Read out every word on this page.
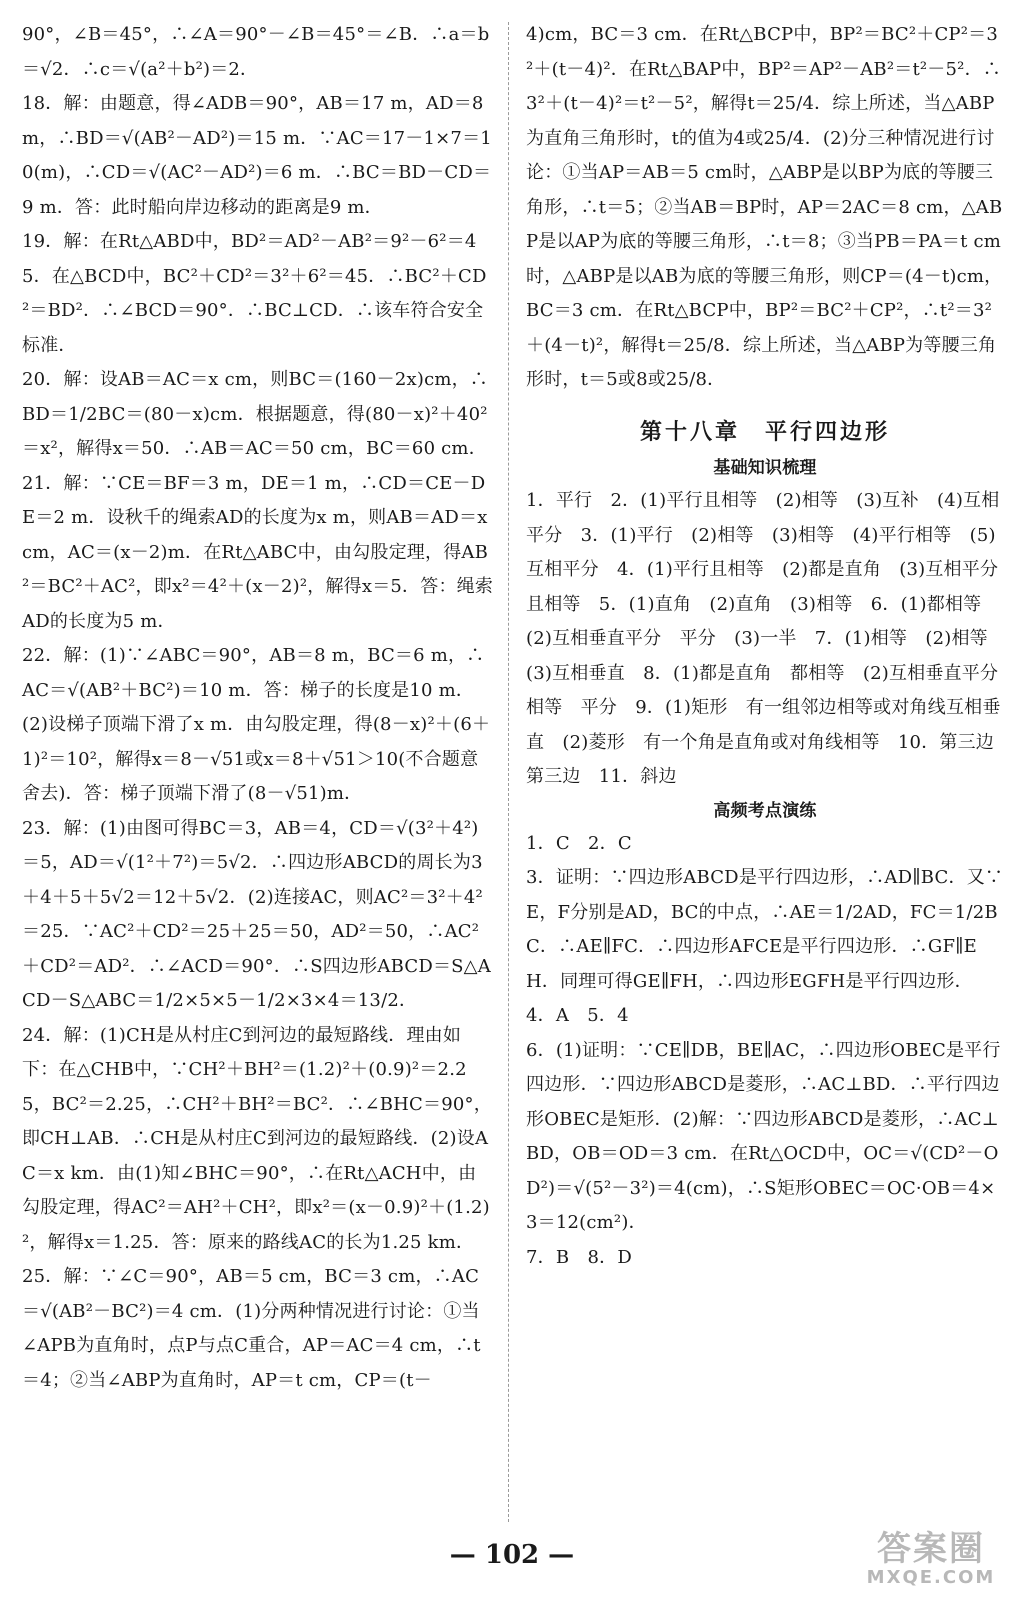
90°，∠B＝45°，∴∠A＝90°－∠B＝45°＝∠B．∴a＝b＝√2．∴c＝√(a²＋b²)＝2．

18．解：由题意，得∠ADB＝90°，AB＝17 m，AD＝8 m，∴BD＝√(AB²－AD²)＝15 m．∵AC＝17－1×7＝10(m)，∴CD＝√(AC²－AD²)＝6 m．∴BC＝BD－CD＝9 m．答：此时船向岸边移动的距离是9 m．

19．解：在Rt△ABD中，BD²＝AD²－AB²＝9²－6²＝45．在△BCD中，BC²＋CD²＝3²＋6²＝45．∴BC²＋CD²＝BD²．∴∠BCD＝90°．∴BC⊥CD．∴该车符合安全标准．

20．解：设AB＝AC＝x cm，则BC＝(160－2x)cm，∴BD＝1/2BC＝(80－x)cm．根据题意，得(80－x)²＋40²＝x²，解得x＝50．∴AB＝AC＝50 cm，BC＝60 cm．

21．解：∵CE＝BF＝3 m，DE＝1 m，∴CD＝CE－DE＝2 m．设秋千的绳索AD的长度为x m，则AB＝AD＝x cm，AC＝(x－2)m．在Rt△ABC中，由勾股定理，得AB²＝BC²＋AC²，即x²＝4²＋(x－2)²，解得x＝5．答：绳索AD的长度为5 m．

22．解：(1)∵∠ABC＝90°，AB＝8 m，BC＝6 m，∴AC＝√(AB²＋BC²)＝10 m．答：梯子的长度是10 m．(2)设梯子顶端下滑了x m．由勾股定理，得(8－x)²＋(6＋1)²＝10²，解得x＝8－√51或x＝8＋√51＞10(不合题意舍去)．答：梯子顶端下滑了(8－√51)m．

23．解：(1)由图可得BC＝3，AB＝4，CD＝√(3²＋4²)＝5，AD＝√(1²＋7²)＝5√2．∴四边形ABCD的周长为3＋4＋5＋5√2＝12＋5√2．(2)连接AC，则AC²＝3²＋4²＝25．∵AC²＋CD²＝25＋25＝50，AD²＝50，∴AC²＋CD²＝AD²．∴∠ACD＝90°．∴S四边形ABCD＝S△ACD－S△ABC＝1/2×5×5－1/2×3×4＝13/2．

24．解：(1)CH是从村庄C到河边的最短路线．理由如下：在△CHB中，∵CH²＋BH²＝(1.2)²＋(0.9)²＝2.25，BC²＝2.25，∴CH²＋BH²＝BC²．∴∠BHC＝90°，即CH⊥AB．∴CH是从村庄C到河边的最短路线．(2)设AC＝x km．由(1)知∠BHC＝90°，∴在Rt△ACH中，由勾股定理，得AC²＝AH²＋CH²，即x²＝(x－0.9)²＋(1.2)²，解得x＝1.25．答：原来的路线AC的长为1.25 km．

25．解：∵∠C＝90°，AB＝5 cm，BC＝3 cm，∴AC＝√(AB²－BC²)＝4 cm．(1)分两种情况进行讨论：①当∠APB为直角时，点P与点C重合，AP＝AC＝4 cm，∴t＝4；②当∠ABP为直角时，AP＝t cm，CP＝(t－

4)cm，BC＝3 cm．在Rt△BCP中，BP²＝BC²＋CP²＝3²＋(t－4)²．在Rt△BAP中，BP²＝AP²－AB²＝t²－5²．∴3²＋(t－4)²＝t²－5²，解得t＝25/4．综上所述，当△ABP为直角三角形时，t的值为4或25/4．(2)分三种情况进行讨论：①当AP＝AB＝5 cm时，△ABP是以BP为底的等腰三角形，∴t＝5；②当AB＝BP时，AP＝2AC＝8 cm，△ABP是以AP为底的等腰三角形，∴t＝8；③当PB＝PA＝t cm时，△ABP是以AB为底的等腰三角形，则CP＝(4－t)cm，BC＝3 cm．在Rt△BCP中，BP²＝BC²＋CP²，∴t²＝3²＋(4－t)²，解得t＝25/8．综上所述，当△ABP为等腰三角形时，t＝5或8或25/8．

第十八章　平行四边形
基础知识梳理

1．平行　2．(1)平行且相等　(2)相等　(3)互补　(4)互相平分　3．(1)平行　(2)相等　(3)相等　(4)平行相等　(5)互相平分　4．(1)平行且相等　(2)都是直角　(3)互相平分且相等　5．(1)直角　(2)直角　(3)相等　6．(1)都相等　(2)互相垂直平分　平分　(3)一半　7．(1)相等　(2)相等　(3)互相垂直　8．(1)都是直角　都相等　(2)互相垂直平分　相等　平分　9．(1)矩形　有一组邻边相等或对角线互相垂直　(2)菱形　有一个角是直角或对角线相等　10．第三边　第三边　11．斜边

高频考点演练

1．C　2．C

3．证明：∵四边形ABCD是平行四边形，∴AD∥BC．又∵E，F分别是AD，BC的中点，∴AE＝1/2AD，FC＝1/2BC．∴AE∥FC．∴四边形AFCE是平行四边形．∴GF∥EH．同理可得GE∥FH，∴四边形EGFH是平行四边形．

4．A　5．4

6．(1)证明：∵CE∥DB，BE∥AC，∴四边形OBEC是平行四边形．∵四边形ABCD是菱形，∴AC⊥BD．∴平行四边形OBEC是矩形．(2)解：∵四边形ABCD是菱形，∴AC⊥BD，OB＝OD＝3 cm．在Rt△OCD中，OC＝√(CD²－OD²)＝√(5²－3²)＝4(cm)，∴S矩形OBEC＝OC·OB＝4×3＝12(cm²)．

7．B　8．D

— 102 —	答案圈
MXQE.COM
